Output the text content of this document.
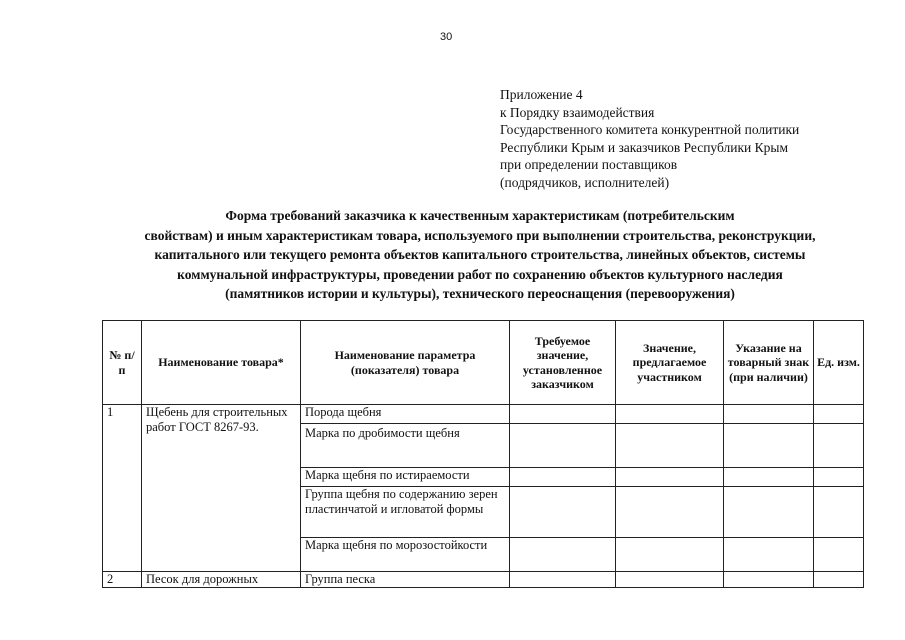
30
Приложение 4
к Порядку взаимодействия
Государственного комитета конкурентной политики
Республики Крым и заказчиков Республики Крым
при определении поставщиков
(подрядчиков, исполнителей)
Форма требований заказчика к качественным характеристикам (потребительским
свойствам) и иным характеристикам товара, используемого при выполнении строительства, реконструкции,
капитального или текущего ремонта объектов капитального строительства, линейных объектов, системы
коммунальной инфраструктуры, проведении работ по сохранению объектов культурного наследия
(памятников истории и культуры), технического переоснащения (перевооружения)
№ п/п	Наименование товара*	Наименование параметра (показателя) товара	Требуемое значение, установленное заказчиком	Значение, предлагаемое участником	Указание на товарный знак (при наличии)	Ед. изм.
1	Щебень для строительных работ ГОСТ 8267-93.	Порода щебня				
		Марка по дробимости щебня				
		Марка щебня по истираемости				
		Группа щебня по содержанию зерен пластинчатой и игловатой формы				
		Марка щебня по морозостойкости				
2	Песок для дорожных	Группа песка				
